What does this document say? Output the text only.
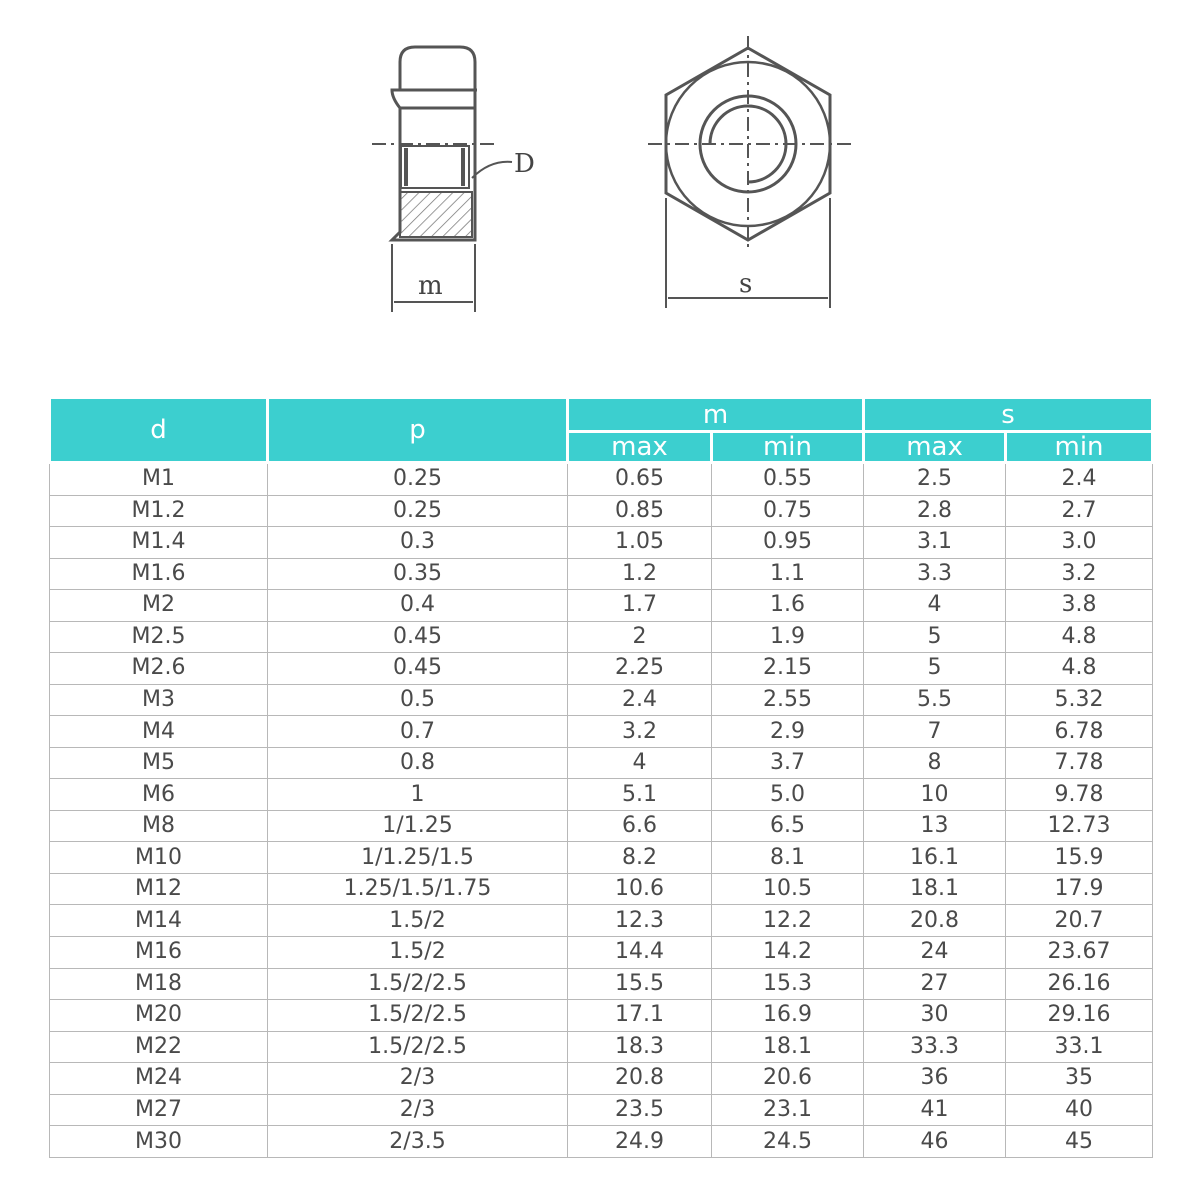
D
m	s
d	p	m		s	
		max	min	max	min
M1	0.25	0.65	0.55	2.5	2.4
M1.2	0.25	0.85	0.75	2.8	2.7
M1.4	0.3	1.05	0.95	3.1	3.0
M1.6	0.35	1.2	1.1	3.3	3.2
M2	0.4	1.7	1.6	4	3.8
M2.5	0.45	2	1.9	5	4.8
M2.6	0.45	2.25	2.15	5	4.8
M3	0.5	2.4	2.55	5.5	5.32
M4	0.7	3.2	2.9	7	6.78
M5	0.8	4	3.7	8	7.78
M6	1	5.1	5.0	10	9.78
M8	1/1.25	6.6	6.5	13	12.73
M10	1/1.25/1.5	8.2	8.1	16.1	15.9
M12	1.25/1.5/1.75	10.6	10.5	18.1	17.9
M14	1.5/2	12.3	12.2	20.8	20.7
M16	1.5/2	14.4	14.2	24	23.67
M18	1.5/2/2.5	15.5	15.3	27	26.16
M20	1.5/2/2.5	17.1	16.9	30	29.16
M22	1.5/2/2.5	18.3	18.1	33.3	33.1
M24	2/3	20.8	20.6	36	35
M27	2/3	23.5	23.1	41	40
M30	2/3.5	24.9	24.5	46	45
